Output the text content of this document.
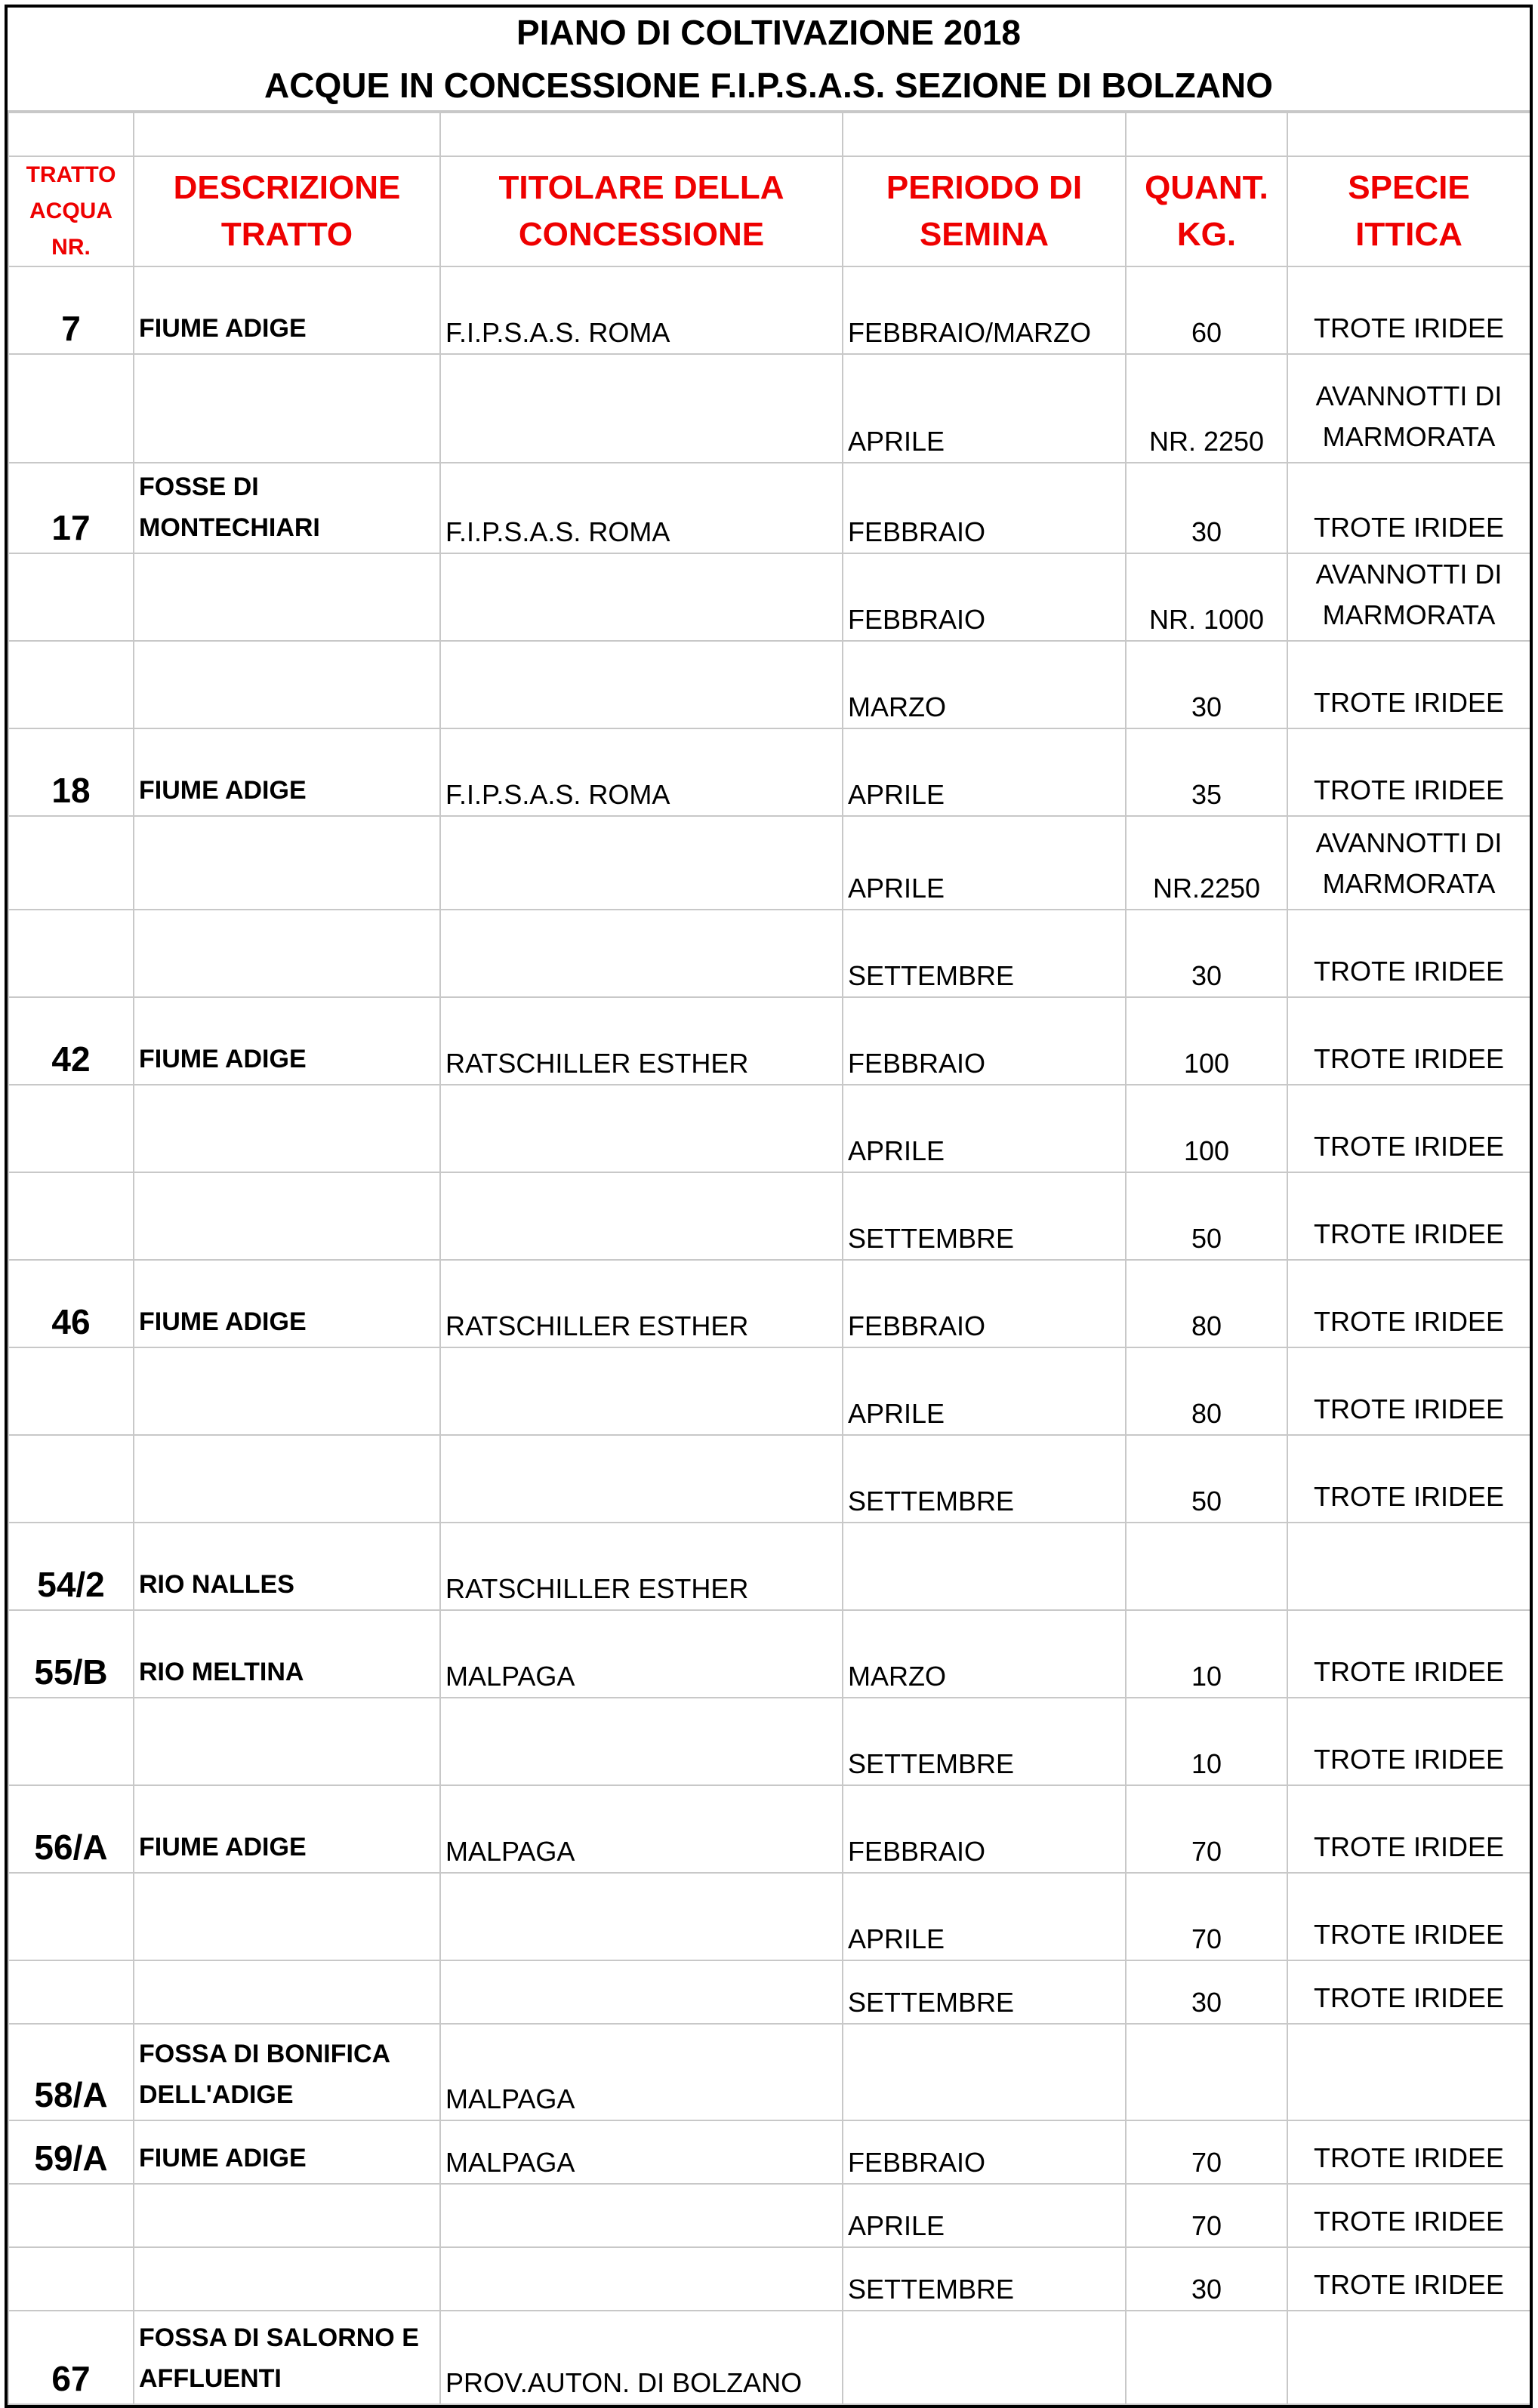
PIANO DI COLTIVAZIONE 2018
ACQUE IN CONCESSIONE F.I.P.S.A.S. SEZIONE DI BOLZANO

TRATTO ACQUA NR.	DESCRIZIONE TRATTO	TITOLARE DELLA CONCESSIONE	PERIODO DI SEMINA	QUANT. KG.	SPECIE ITTICA
7	FIUME ADIGE	F.I.P.S.A.S. ROMA	FEBBRAIO/MARZO	60	TROTE IRIDEE
			APRILE	NR. 2250	AVANNOTTI DI MARMORATA
17	FOSSE DI MONTECHIARI	F.I.P.S.A.S. ROMA	FEBBRAIO	30	TROTE IRIDEE
			FEBBRAIO	NR. 1000	AVANNOTTI DI MARMORATA
			MARZO	30	TROTE IRIDEE
18	FIUME ADIGE	F.I.P.S.A.S. ROMA	APRILE	35	TROTE IRIDEE
			APRILE	NR.2250	AVANNOTTI DI MARMORATA
			SETTEMBRE	30	TROTE IRIDEE
42	FIUME ADIGE	RATSCHILLER ESTHER	FEBBRAIO	100	TROTE IRIDEE
			APRILE	100	TROTE IRIDEE
			SETTEMBRE	50	TROTE IRIDEE
46	FIUME ADIGE	RATSCHILLER ESTHER	FEBBRAIO	80	TROTE IRIDEE
			APRILE	80	TROTE IRIDEE
			SETTEMBRE	50	TROTE IRIDEE
54/2	RIO NALLES	RATSCHILLER ESTHER			
55/B	RIO MELTINA	MALPAGA	MARZO	10	TROTE IRIDEE
			SETTEMBRE	10	TROTE IRIDEE
56/A	FIUME ADIGE	MALPAGA	FEBBRAIO	70	TROTE IRIDEE
			APRILE	70	TROTE IRIDEE
			SETTEMBRE	30	TROTE IRIDEE
58/A	FOSSA DI BONIFICA DELL'ADIGE	MALPAGA			
59/A	FIUME ADIGE	MALPAGA	FEBBRAIO	70	TROTE IRIDEE
			APRILE	70	TROTE IRIDEE
			SETTEMBRE	30	TROTE IRIDEE
67	FOSSA DI SALORNO E AFFLUENTI	PROV.AUTON. DI BOLZANO			
